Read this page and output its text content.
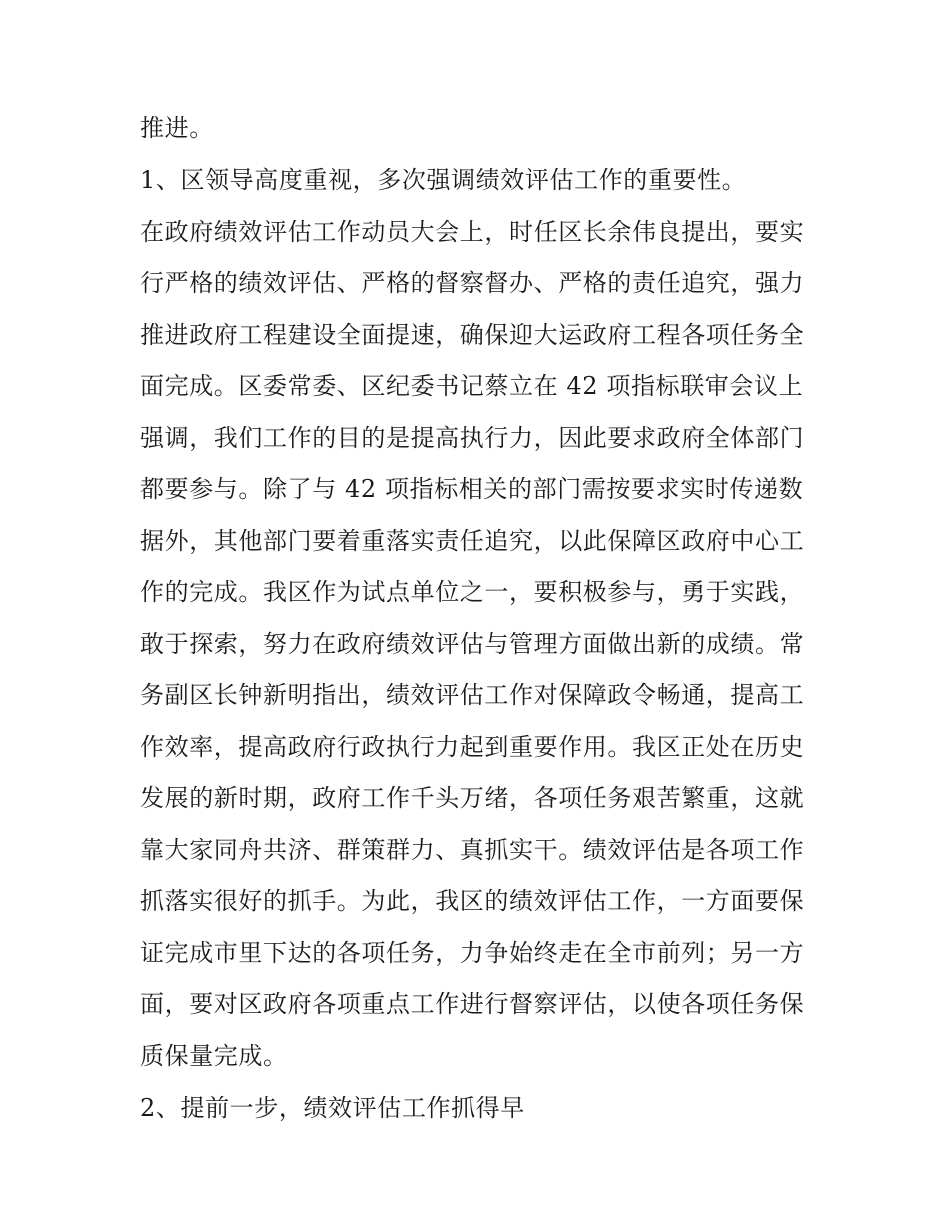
推进。
1、区领导高度重视，多次强调绩效评估工作的重要性。
在政府绩效评估工作动员大会上，时任区长余伟良提出，要实
行严格的绩效评估、严格的督察督办、严格的责任追究，强力
推进政府工程建设全面提速，确保迎大运政府工程各项任务全
面完成。区委常委、区纪委书记蔡立在 42 项指标联审会议上
强调，我们工作的目的是提高执行力，因此要求政府全体部门
都要参与。除了与 42 项指标相关的部门需按要求实时传递数
据外，其他部门要着重落实责任追究，以此保障区政府中心工
作的完成。我区作为试点单位之一，要积极参与，勇于实践，
敢于探索，努力在政府绩效评估与管理方面做出新的成绩。常
务副区长钟新明指出，绩效评估工作对保障政令畅通，提高工
作效率，提高政府行政执行力起到重要作用。我区正处在历史
发展的新时期，政府工作千头万绪，各项任务艰苦繁重，这就
靠大家同舟共济、群策群力、真抓实干。绩效评估是各项工作
抓落实很好的抓手。为此，我区的绩效评估工作，一方面要保
证完成市里下达的各项任务，力争始终走在全市前列；另一方
面，要对区政府各项重点工作进行督察评估，以使各项任务保
质保量完成。
2、提前一步，绩效评估工作抓得早
